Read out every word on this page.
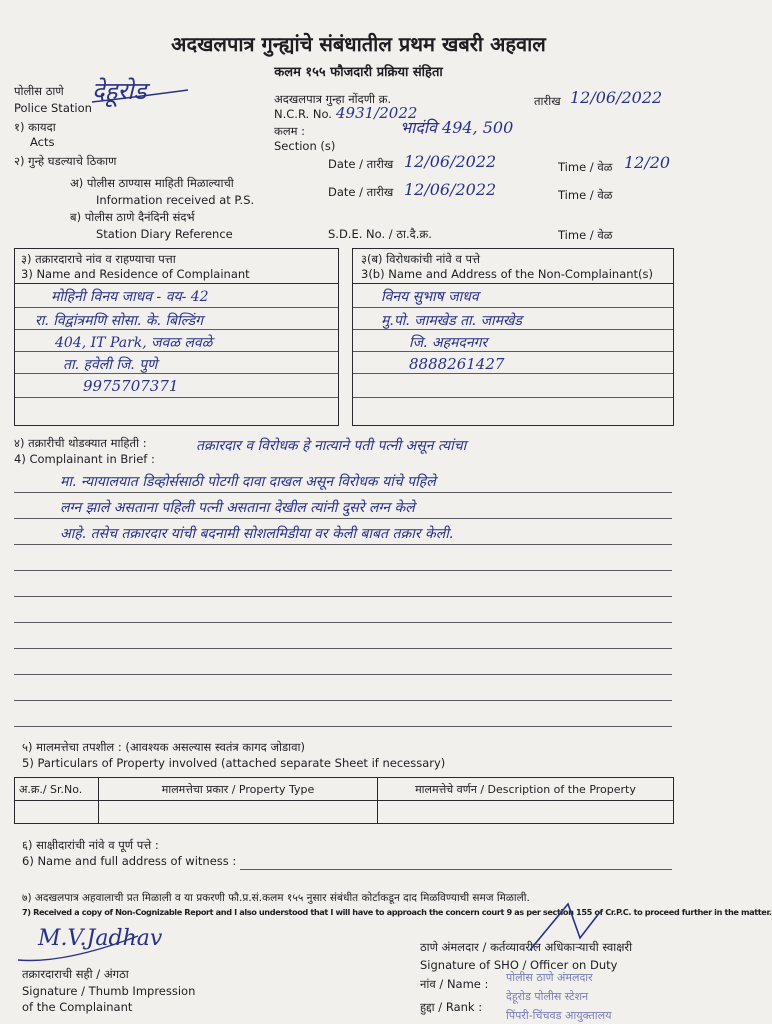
अदखलपात्र गुन्ह्यांचे संबंधातील प्रथम खबरी अहवाल
कलम १५५ फौजदारी प्रक्रिया संहिता
पोलीस ठाणे
Police Station
देहूरोड
१) कायदा
Acts
२) गुन्हे घडल्याचे ठिकाण
अ) पोलीस ठाण्यास माहिती मिळाल्याची
Information received at P.S.
ब) पोलीस ठाणे दैनंदिनी संदर्भ
Station Diary Reference
अदखलपात्र गुन्हा नोंदणी क्र.
N.C.R. No. 4931/2022
कलम :
Section (s)
भादंवि 494, 500
तारीख 12/06/2022
Date / तारीख 12/06/2022	Time / वेळ 12/20
Date / तारीख 12/06/2022	Time / वेळ
S.D.E. No. / ठा.दै.क्र.	Time / वेळ
३) तक्रारदाराचे नांव व राहण्याचा पत्ता
3) Name and Residence of Complainant
मोहिनी विनय जाधव - वय- 42
रा. विद्वांत्रमणि सोसा. के. बिल्डिंग
404, IT Park, जवळ लवळे
ता. हवेली जि. पुणे
9975707371
३(ब) विरोधकांची नांवे व पत्ते
3(b) Name and Address of the Non-Complainant(s)
विनय सुभाष जाधव
मु.पो. जामखेड ता. जामखेड
जि. अहमदनगर
8888261427
४) तक्रारीची थोडक्यात माहिती :
4) Complainant in Brief :
तक्रारदार व विरोधक हे नात्याने पती पत्नी असून त्यांचा
मा. न्यायालयात डिव्होर्ससाठी पोटगी दावा दाखल असून विरोधक यांचे पहिले
लग्न झाले असताना पहिली पत्नी असताना देखील त्यांनी दुसरे लग्न केले
आहे. तसेच तक्रारदार यांची बदनामी सोशलमिडीया वर केली बाबत तक्रार केली.
५) मालमत्तेचा तपशील : (आवश्यक असल्यास स्वतंत्र कागद जोडावा)
5) Particulars of Property involved (attached separate Sheet if necessary)
अ.क्र./ Sr.No.	मालमत्तेचा प्रकार / Property Type	मालमत्तेचे वर्णन / Description of the Property

६) साक्षीदारांची नांवे व पूर्ण पत्ते :
6) Name and full address of witness :
७) अदखलपात्र अहवालाची प्रत मिळाली व या प्रकरणी फौ.प्र.सं.कलम १५५ नुसार संबंधीत कोर्टाकडून दाद मिळविण्याची समज मिळाली.
7) Received a copy of Non-Cognizable Report and I also understood that I will have to approach the concern court 9 as per section 155 of Cr.P.C. to proceed further in the matter.
M.V.Jadhav
तक्रारदाराची सही / अंगठा
Signature / Thumb Impression
of the Complainant
ठाणे अंमलदार / कर्तव्यावरील अधिकाऱ्याची स्वाक्षरी
Signature of SHO / Officer on Duty
नांव / Name :
हुद्दा / Rank :
पोलीस ठाणे अंमलदार
देहूरोड पोलीस स्टेशन
पिंपरी-चिंचवड आयुक्तालय
